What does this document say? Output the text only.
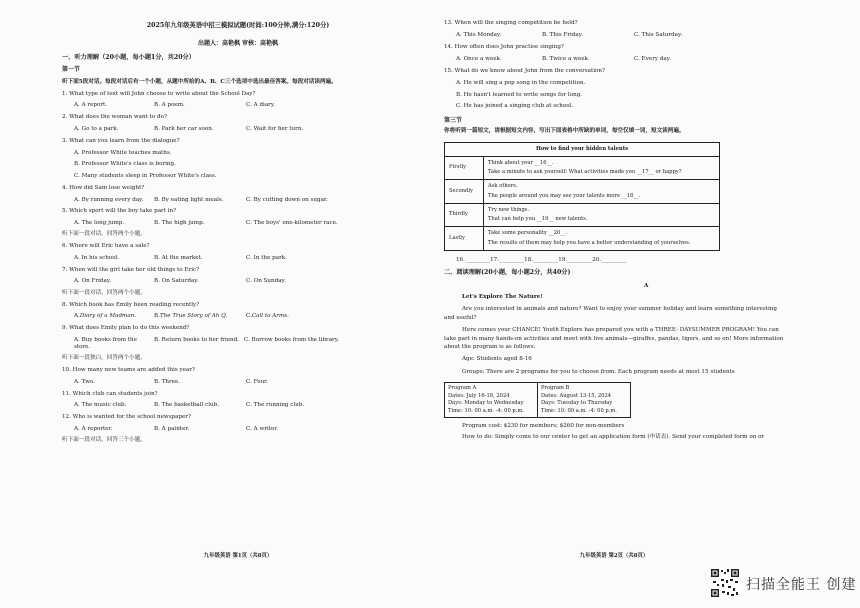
2025年九年级英语中招三模拟试题(时间:100分钟,满分:120分)
出题人：高艳枫 审核：高艳枫
一、听力理解（20小题，每小题1分，共20分）
第一节
听下面5段对话。每段对话后有一个小题，从题中所给的A、B、C三个选项中选出最佳答案。每段对话读两遍。
1. What type of text will John choose to write about the School Day?
A. A report.	B. A poem.	C. A diary.
2. What does the woman want to do?
A. Go to a park.	B. Park her car soon.	C. Wait for her turn.
3. What can you learn from the dialogue?
A. Professor White teaches maths.
B. Professor White's class is boring.
C. Many students sleep in Professor White's class.
4. How did Sam lose weight?
A. By running every day.	B. By eating light meals.	C. By cutting down on sugar.
5. Which sport will the boy take part in?
A. The long jump.	B. The high jump.	C. The boys' one-kilometer race.
听下面一段对话，回答两个小题。
6. Where will Eric have a sale?
A. In his school.	B. At the market.	C. In the park.
7. When will the girl take her old things to Eric?
A. On Friday.	B. On Saturday.	C. On Sunday.
听下面一段对话，回答两个小题。
8. Which book has Emily been reading recently?
A.Diary of a Madman.	B.The True Story of Ah Q.	C.Call to Arms.
9. What does Emily plan to do this weekend?
A. Buy books from the store.
B. Return books to her friend. C. Borrow books from the library.
听下面一段独白，回答两个小题。
10. How many new teams are added this year?
A. Two.	B. Three.	C. Four.
11. Which club can students join?
A. The music club.	B. The basketball club.	C. The running club.
12. Who is wanted for the school newspaper?
A. A reporter.	B. A painter.	C. A writer.
听下面一段对话，回答三个小题。
九年级英语 第1页（共8页）
13. When will the singing competition be held?
A. This Monday.	B. This Friday.	C. This Saturday.
14. How often does John practise singing?
A. Once a week.	B. Twice a week.	C. Every day.
15. What do we know about John from the conversation?
A. He will sing a pop song in the competition.
B. He hasn't learned to write songs for long.
C. He has joined a singing club at school.
第三节
你将听到一篇短文，请根据短文内容，写出下面表格中所缺的单词，每空仅填一词，短文读两遍。
How to find your hidden talents	
Firstly	Think about your __16__.
Take a minute to ask yourself: What activities made you __17__ or happy?

Secondly	Ask others.
The people around you may see your talents more __18__.

Thirdly	Try new things.
That can help you __19__ new talents.

Lastly	Take some personality __20__.
The results of them may help you have a better understanding of yourselves.
16._________17._________18._________19._________20._________
二、阅读理解(20小题，每小题2分，共40分)
A
Let's Explore The Nature!
Are you interested in animals and nature? Want to enjoy your summer holiday and learn something interesting and useful?
Here comes your CHANCE! Youth Explore has prepared you with a THREE- DAYSUMMER PROGRAM! You can take part in many hands-on activities and meet with live animals—giraffes, pandas, tigers, and so on! More information about the program is as follows:
Age: Students aged 8-16
Groups: There are 2 programs for you to choose from. Each program needs at most 15 students
Program A
Dates: July 16-18, 2024
Days: Monday to Wednesday
Time: 10: 00 a.m. -4: 00 p.m.

Program B
Dates: August 13-15, 2024
Days: Tuesday to Thursday
Time: 10: 00 a.m. -4: 00 p.m.
Program cost: $230 for members; $260 for non-members
How to do: Simply come to our center to get an application form (申请表). Send your completed form on or
九年级英语 第2页（共8页）
扫描全能王 创建
